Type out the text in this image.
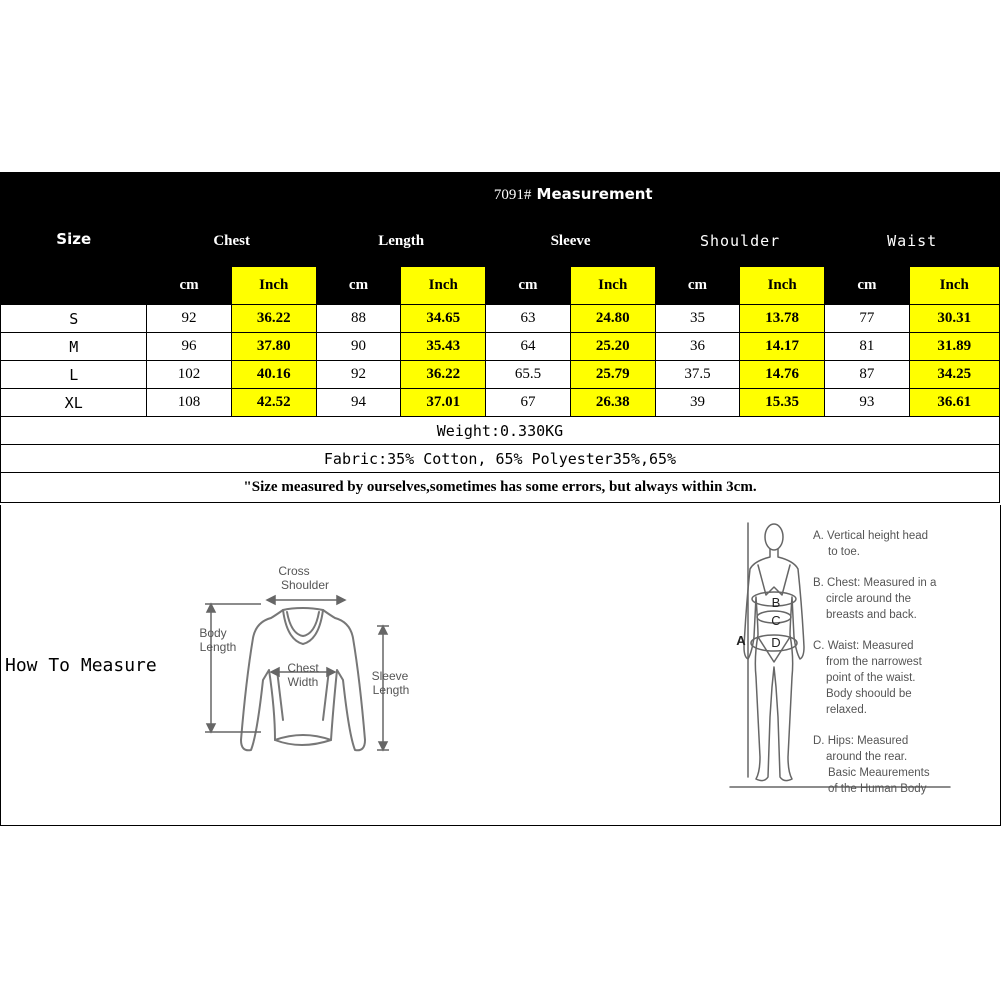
Size	7091# Measurement									
	Chest		Length		Sleeve		Shoulder		Waist	
	cm	Inch	cm	Inch	cm	Inch	cm	Inch	cm	Inch
S	92	36.22	88	34.65	63	24.80	35	13.78	77	30.31
M	96	37.80	90	35.43	64	25.20	36	14.17	81	31.89
L	102	40.16	92	36.22	65.5	25.79	37.5	14.76	87	34.25
XL	108	42.52	94	37.01	67	26.38	39	15.35	93	36.61
Weight:0.330KG										
Fabric:35% Cotton, 65% Polyester35%,65%										
"Size measured by ourselves,sometimes has some errors, but always within 3cm.										
How To Measure
Cross
Shoulder
Body
Length
Chest
Width	Sleeve
Length
A
B
C
D
A. Vertical height head
to toe.
B. Chest: Measured in a
circle around the
breasts and back.
C. Waist: Measured
from the narrowest
point of the waist.
Body shoould be
relaxed.
D. Hips: Measured
around the rear.
Basic Meaurements
of the Human Body
